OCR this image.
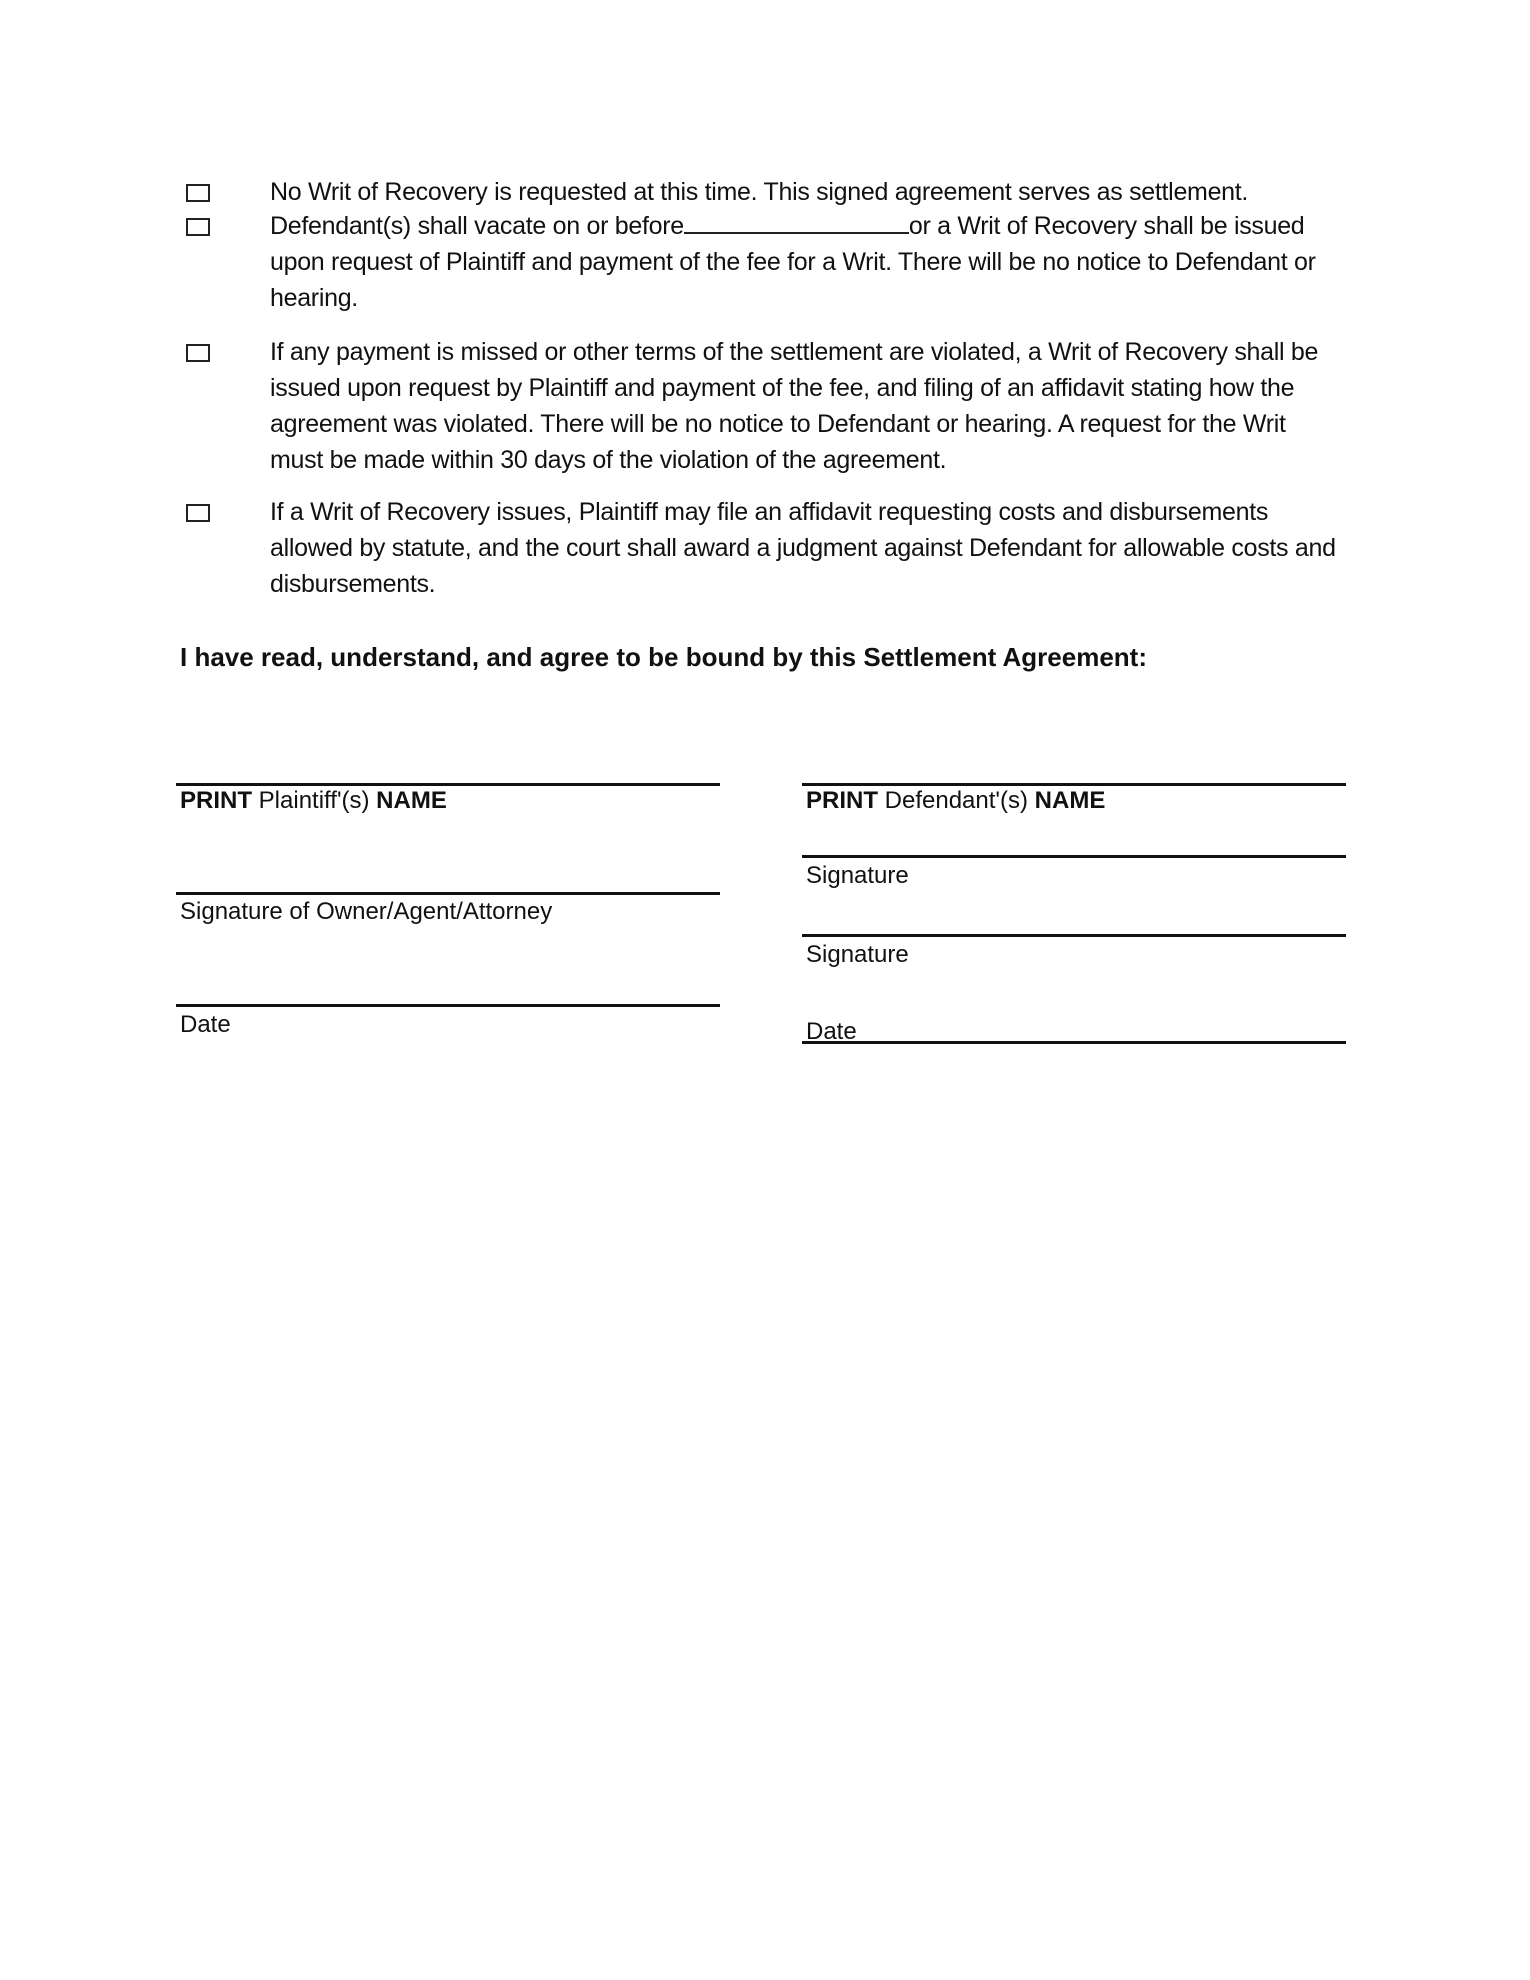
No Writ of Recovery is requested at this time. This signed agreement serves as settlement.
Defendant(s) shall vacate on or before	or a Writ of Recovery shall be issued upon request of Plaintiff and payment of the fee for a Writ. There will be no notice to Defendant or hearing.
If any payment is missed or other terms of the settlement are violated, a Writ of Recovery shall be issued upon request by Plaintiff and payment of the fee, and filing of an affidavit stating how the agreement was violated. There will be no notice to Defendant or hearing. A request for the Writ must be made within 30 days of the violation of the agreement.
If a Writ of Recovery issues, Plaintiff may file an affidavit requesting costs and disbursements allowed by statute, and the court shall award a judgment against Defendant for allowable costs and disbursements.
I have read, understand, and agree to be bound by this Settlement Agreement:
PRINT Plaintiff'(s) NAME
Signature of Owner/Agent/Attorney
Date
PRINT Defendant'(s) NAME
Signature
Signature
Date
